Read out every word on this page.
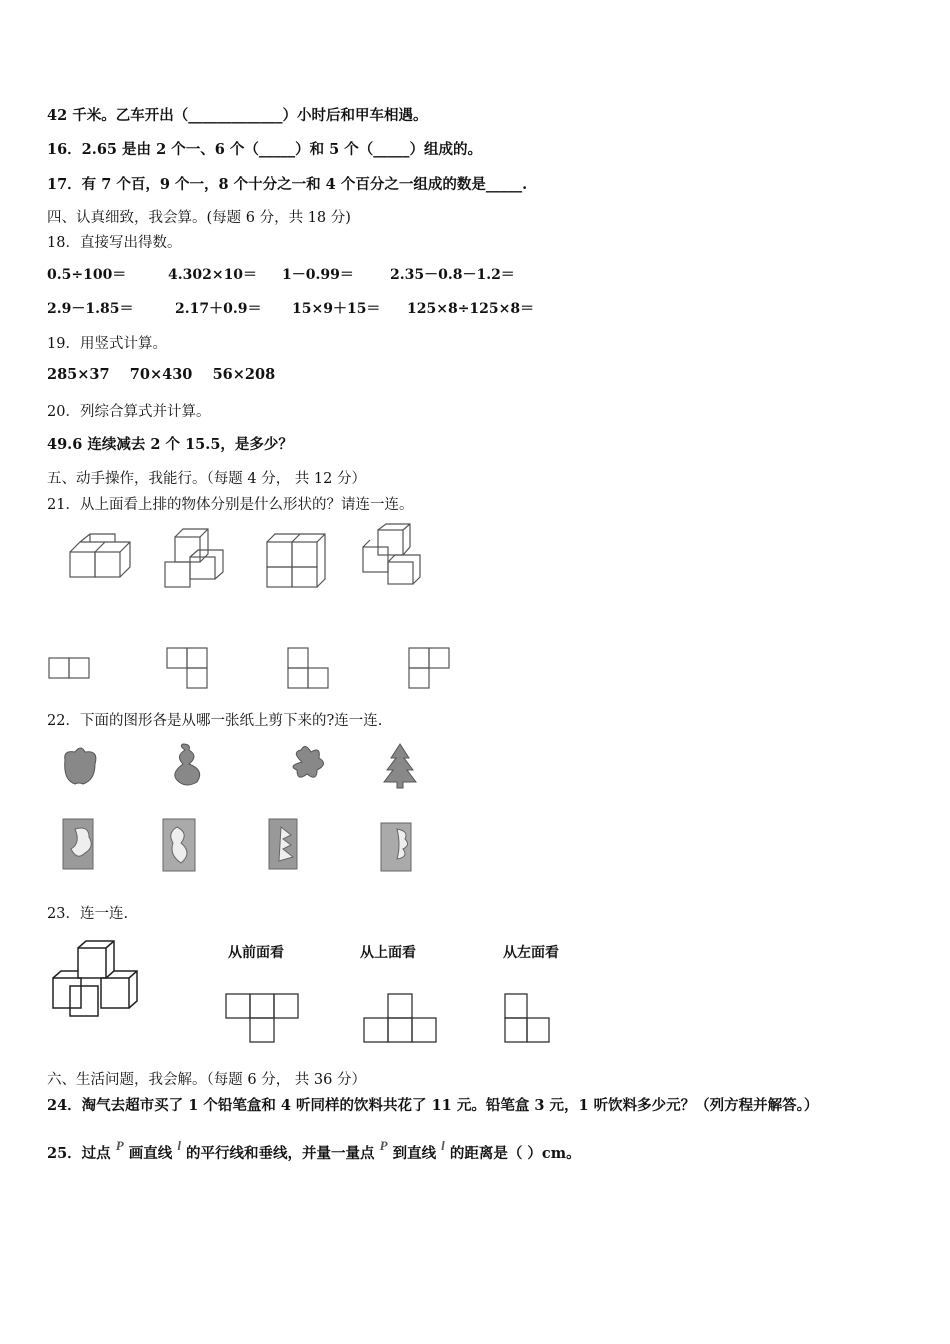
42 千米。乙车开出（_____________）小时后和甲车相遇。
16．2.65 是由 2 个一、6 个（_____）和 5 个（_____）组成的。
17．有 7 个百，9 个一，8 个十分之一和 4 个百分之一组成的数是_____.
四、认真细致，我会算。(每题 6 分，共 18 分)
18．直接写出得数。
0.5÷100＝	4.302×10＝ 1－0.99＝	2.35－0.8－1.2＝
2.9－1.85＝	2.17＋0.9＝ 15×9＋15＝ 125×8÷125×8＝
19．用竖式计算。
285×37    70×430    56×208
20．列综合算式并计算。
49.6 连续减去 2 个 15.5，是多少？
五、动手操作，我能行。（每题 4 分， 共 12 分）
21．从上面看上排的物体分别是什么形状的？请连一连。
22．下面的图形各是从哪一张纸上剪下来的?连一连.
23．连一连.
从前面看	从上面看	从左面看
六、生活问题，我会解。（每题 6 分， 共 36 分）
24．淘气去超市买了 1 个铅笔盒和 4 听同样的饮料共花了 11 元。铅笔盒 3 元，1 听饮料多少元？（列方程并解答。）
25．过点 P 画直线 l 的平行线和垂线，并量一量点 P 到直线 l 的距离是（ ）cm。
